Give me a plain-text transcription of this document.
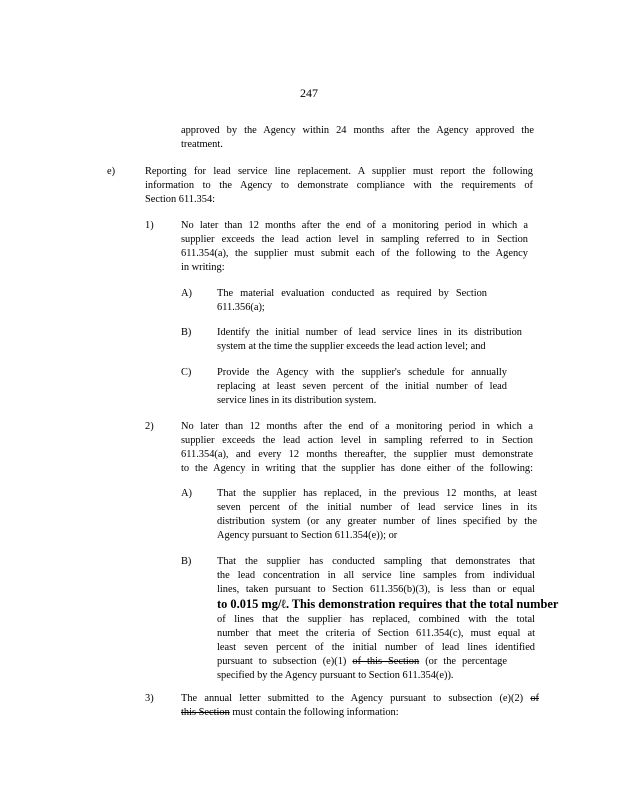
247
approved by the Agency within 24 months after the Agency approved the
treatment.
e)	Reporting for lead service line replacement. A supplier must report the following
information to the Agency to demonstrate compliance with the requirements of
Section 611.354:
1)	No later than 12 months after the end of a monitoring period in which a
supplier exceeds the lead action level in sampling referred to in Section
611.354(a), the supplier must submit each of the following to the Agency
in writing:
A) The material evaluation conducted as required by Section
611.356(a);
B) Identify the initial number of lead service lines in its distribution
system at the time the supplier exceeds the lead action level; and
C) Provide the Agency with the supplier's schedule for annually
replacing at least seven percent of the initial number of lead
service lines in its distribution system.
2)	No later than 12 months after the end of a monitoring period in which a
supplier exceeds the lead action level in sampling referred to in Section
611.354(a), and every 12 months thereafter, the supplier must demonstrate
to the Agency in writing that the supplier has done either of the following:
A) That the supplier has replaced, in the previous 12 months, at least
seven percent of the initial number of lead service lines in its
distribution system (or any greater number of lines specified by the
Agency pursuant to Section 611.354(e)); or
B) That the supplier has conducted sampling that demonstrates that
the lead concentration in all service line samples from individual
lines, taken pursuant to Section 611.356(b)(3), is less than or equal
to 0.015 mg/ℓ. This demonstration requires that the total number
of lines that the supplier has replaced, combined with the total
number that meet the criteria of Section 611.354(c), must equal at
least seven percent of the initial number of lead lines identified
pursuant to subsection (e)(1) of this Section (or the percentage
specified by the Agency pursuant to Section 611.354(e)).
3)	The annual letter submitted to the Agency pursuant to subsection (e)(2) of
this Section must contain the following information:
